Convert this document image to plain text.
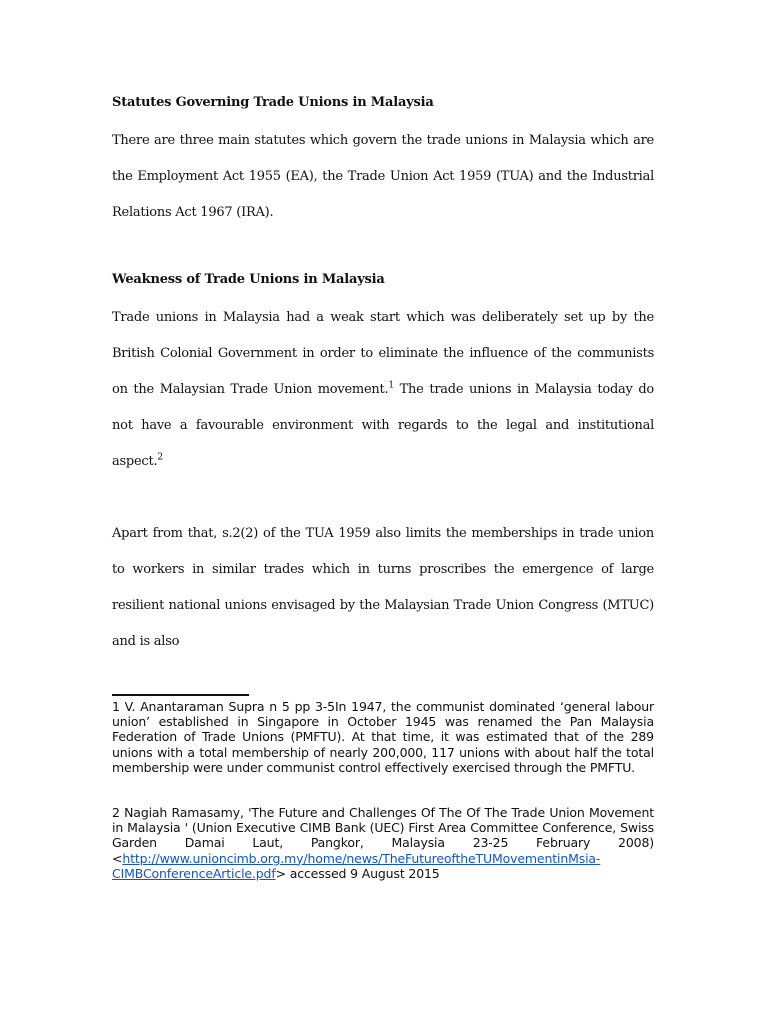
Statutes Governing Trade Unions in Malaysia

There are three main statutes which govern the trade unions in Malaysia which are the Employment Act 1955 (EA), the Trade Union Act 1959 (TUA) and the Industrial Relations Act 1967 (IRA).

Weakness of Trade Unions in Malaysia

Trade unions in Malaysia had a weak start which was deliberately set up by the British Colonial Government in order to eliminate the influence of the communists on the Malaysian Trade Union movement.$^1$ The trade unions in Malaysia today do not have a favourable environment with regards to the legal and institutional aspect.$^2$

Apart from that, s.2(2) of the TUA 1959 also limits the memberships in trade union to workers in similar trades which in turns proscribes the emergence of large resilient national unions envisaged by the Malaysian Trade Union Congress (MTUC) and is also

1 V. Anantaraman Supra n 5 pp 3-5In 1947, the communist dominated ‘general labour union’ established in Singapore in October 1945 was renamed the Pan Malaysia Federation of Trade Unions (PMFTU). At that time, it was estimated that of the 289 unions with a total membership of nearly 200,000, 117 unions with about half the total membership were under communist control effectively exercised through the PMFTU.

2 Nagiah Ramasamy, 'The Future and Challenges Of The Of The Trade Union Movement in Malaysia ' (Union Executive CIMB Bank (UEC) First Area Committee Conference, Swiss Garden Damai Laut, Pangkor, Malaysia 23-25 February 2008)<http://www.unioncimb.org.my/home/news/TheFutureoftheTUMovementinMsia-CIMBConferenceArticle.pdf> accessed 9 August 2015
